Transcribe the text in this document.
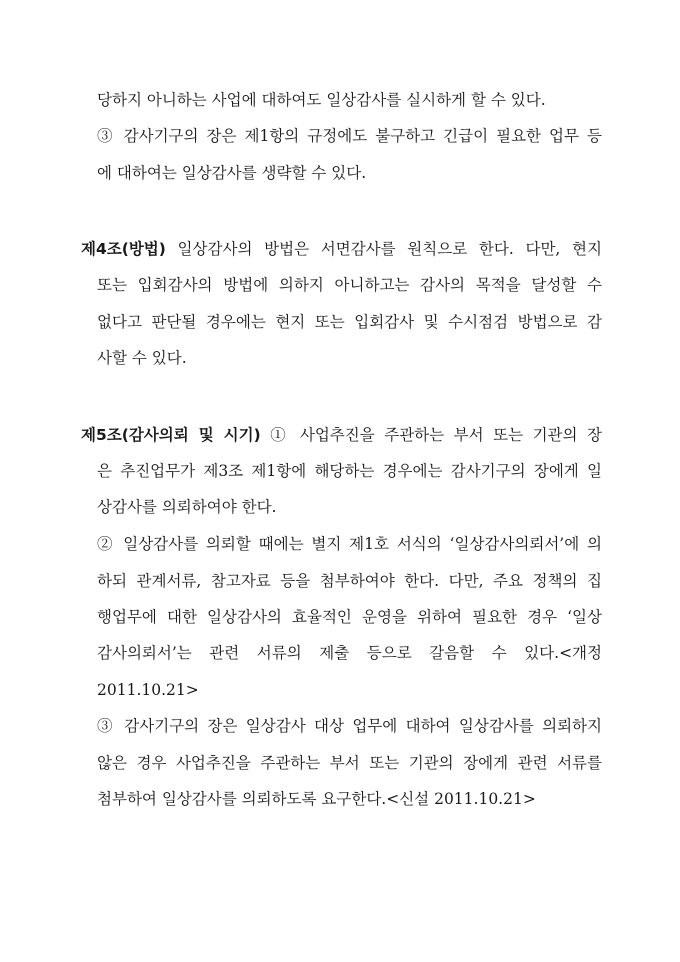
당하지 아니하는 사업에 대하여도 일상감사를 실시하게 할 수 있다.
③ 감사기구의 장은 제1항의 규정에도 불구하고 긴급이 필요한 업무 등
에 대하여는 일상감사를 생략할 수 있다.
제4조(방법) 일상감사의 방법은 서면감사를 원칙으로 한다. 다만, 현지
또는 입회감사의 방법에 의하지 아니하고는 감사의 목적을 달성할 수
없다고 판단될 경우에는 현지 또는 입회감사 및 수시점검 방법으로 감
사할 수 있다.
제5조(감사의뢰 및 시기) ① 사업추진을 주관하는 부서 또는 기관의 장
은 추진업무가 제3조 제1항에 해당하는 경우에는 감사기구의 장에게 일
상감사를 의뢰하여야 한다.
② 일상감사를 의뢰할 때에는 별지 제1호 서식의 ‘일상감사의뢰서’에 의
하되 관계서류, 참고자료 등을 첨부하여야 한다. 다만, 주요 정책의 집
행업무에 대한 일상감사의 효율적인 운영을 위하여 필요한 경우 ‘일상
감사의뢰서’는 관련 서류의 제출 등으로 갈음할 수 있다.<개정
2011.10.21>
③ 감사기구의 장은 일상감사 대상 업무에 대하여 일상감사를 의뢰하지
않은 경우 사업추진을 주관하는 부서 또는 기관의 장에게 관련 서류를
첨부하여 일상감사를 의뢰하도록 요구한다.<신설 2011.10.21>
